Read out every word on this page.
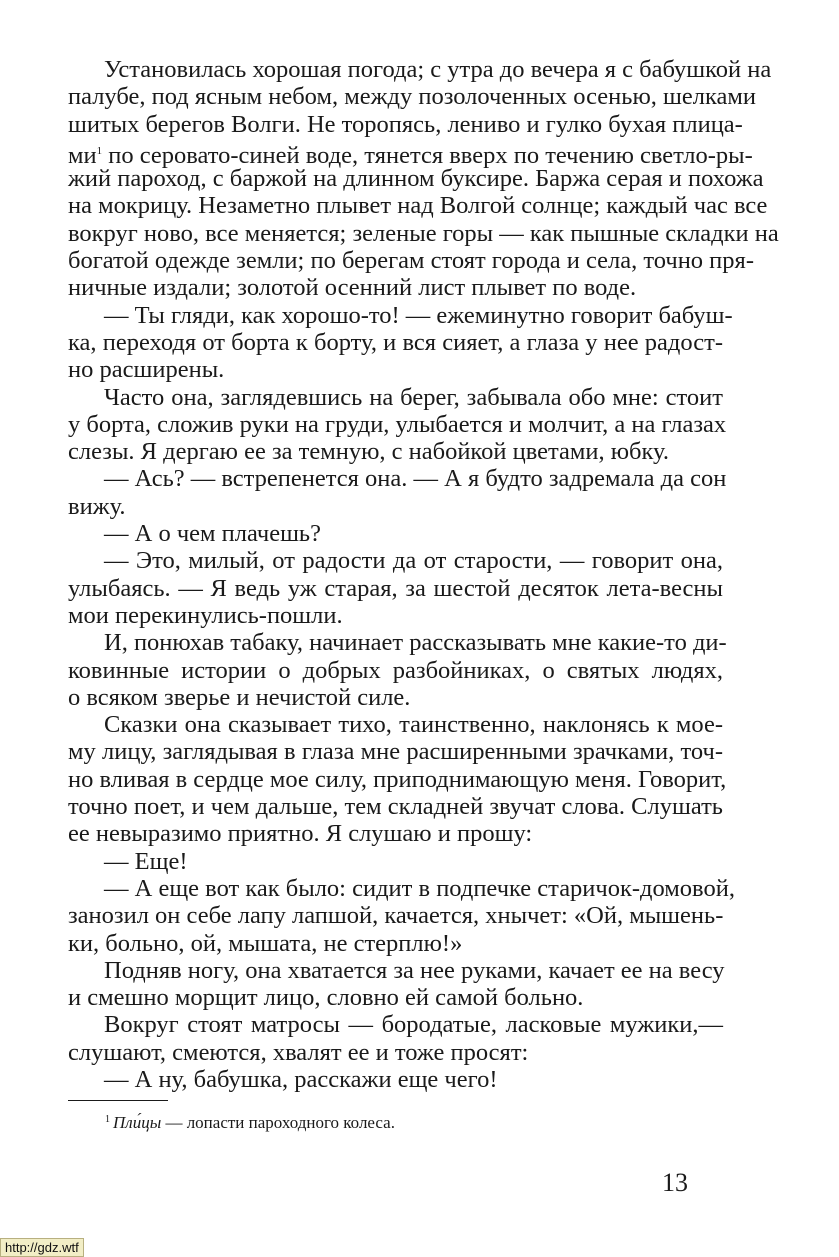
Установилась хорошая погода; с утра до вечера я с бабушкой на
палубе, под ясным небом, между позолоченных осенью, шелками
шитых берегов Волги. Не торопясь, лениво и гулко бухая плица-
ми$^1$ по серовато-синей воде, тянется вверх по течению светло-ры-
жий пароход, с баржой на длинном буксире. Баржа серая и похожа
на мокрицу. Незаметно плывет над Волгой солнце; каждый час все
вокруг ново, все меняется; зеленые горы — как пышные складки на
богатой одежде земли; по берегам стоят города и села, точно пря-
ничные издали; золотой осенний лист плывет по воде.
— Ты гляди, как хорошо-то! — ежеминутно говорит бабуш-
ка, переходя от борта к борту, и вся сияет, а глаза у нее радост-
но расширены.
Часто она, заглядевшись на берег, забывала обо мне: стоит
у борта, сложив руки на груди, улыбается и молчит, а на глазах
слезы. Я дергаю ее за темную, с набойкой цветами, юбку.
— Ась? — встрепенется она. — А я будто задремала да сон
вижу.
— А о чем плачешь?
— Это, милый, от радости да от старости, — говорит она,
улыбаясь. — Я ведь уж старая, за шестой десяток лета-весны
мои перекинулись-пошли.
И, понюхав табаку, начинает рассказывать мне какие-то ди-
ковинные истории о добрых разбойниках, о святых людях,
о всяком зверье и нечистой силе.
Сказки она сказывает тихо, таинственно, наклонясь к мое-
му лицу, заглядывая в глаза мне расширенными зрачками, точ-
но вливая в сердце мое силу, приподнимающую меня. Говорит,
точно поет, и чем дальше, тем складней звучат слова. Слушать
ее невыразимо приятно. Я слушаю и прошу:
— Еще!
— А еще вот как было: сидит в подпечке старичок-домовой,
занозил он себе лапу лапшой, качается, хнычет: «Ой, мышень-
ки, больно, ой, мышата, не стерплю!»
Подняв ногу, она хватается за нее руками, качает ее на весу
и смешно морщит лицо, словно ей самой больно.
Вокруг стоят матросы — бородатые, ласковые мужики,—
слушают, смеются, хвалят ее и тоже просят:
— А ну, бабушка, расскажи еще чего!
$^1$ Пли́цы — лопасти пароходного колеса.
13
http://gdz.wtf
